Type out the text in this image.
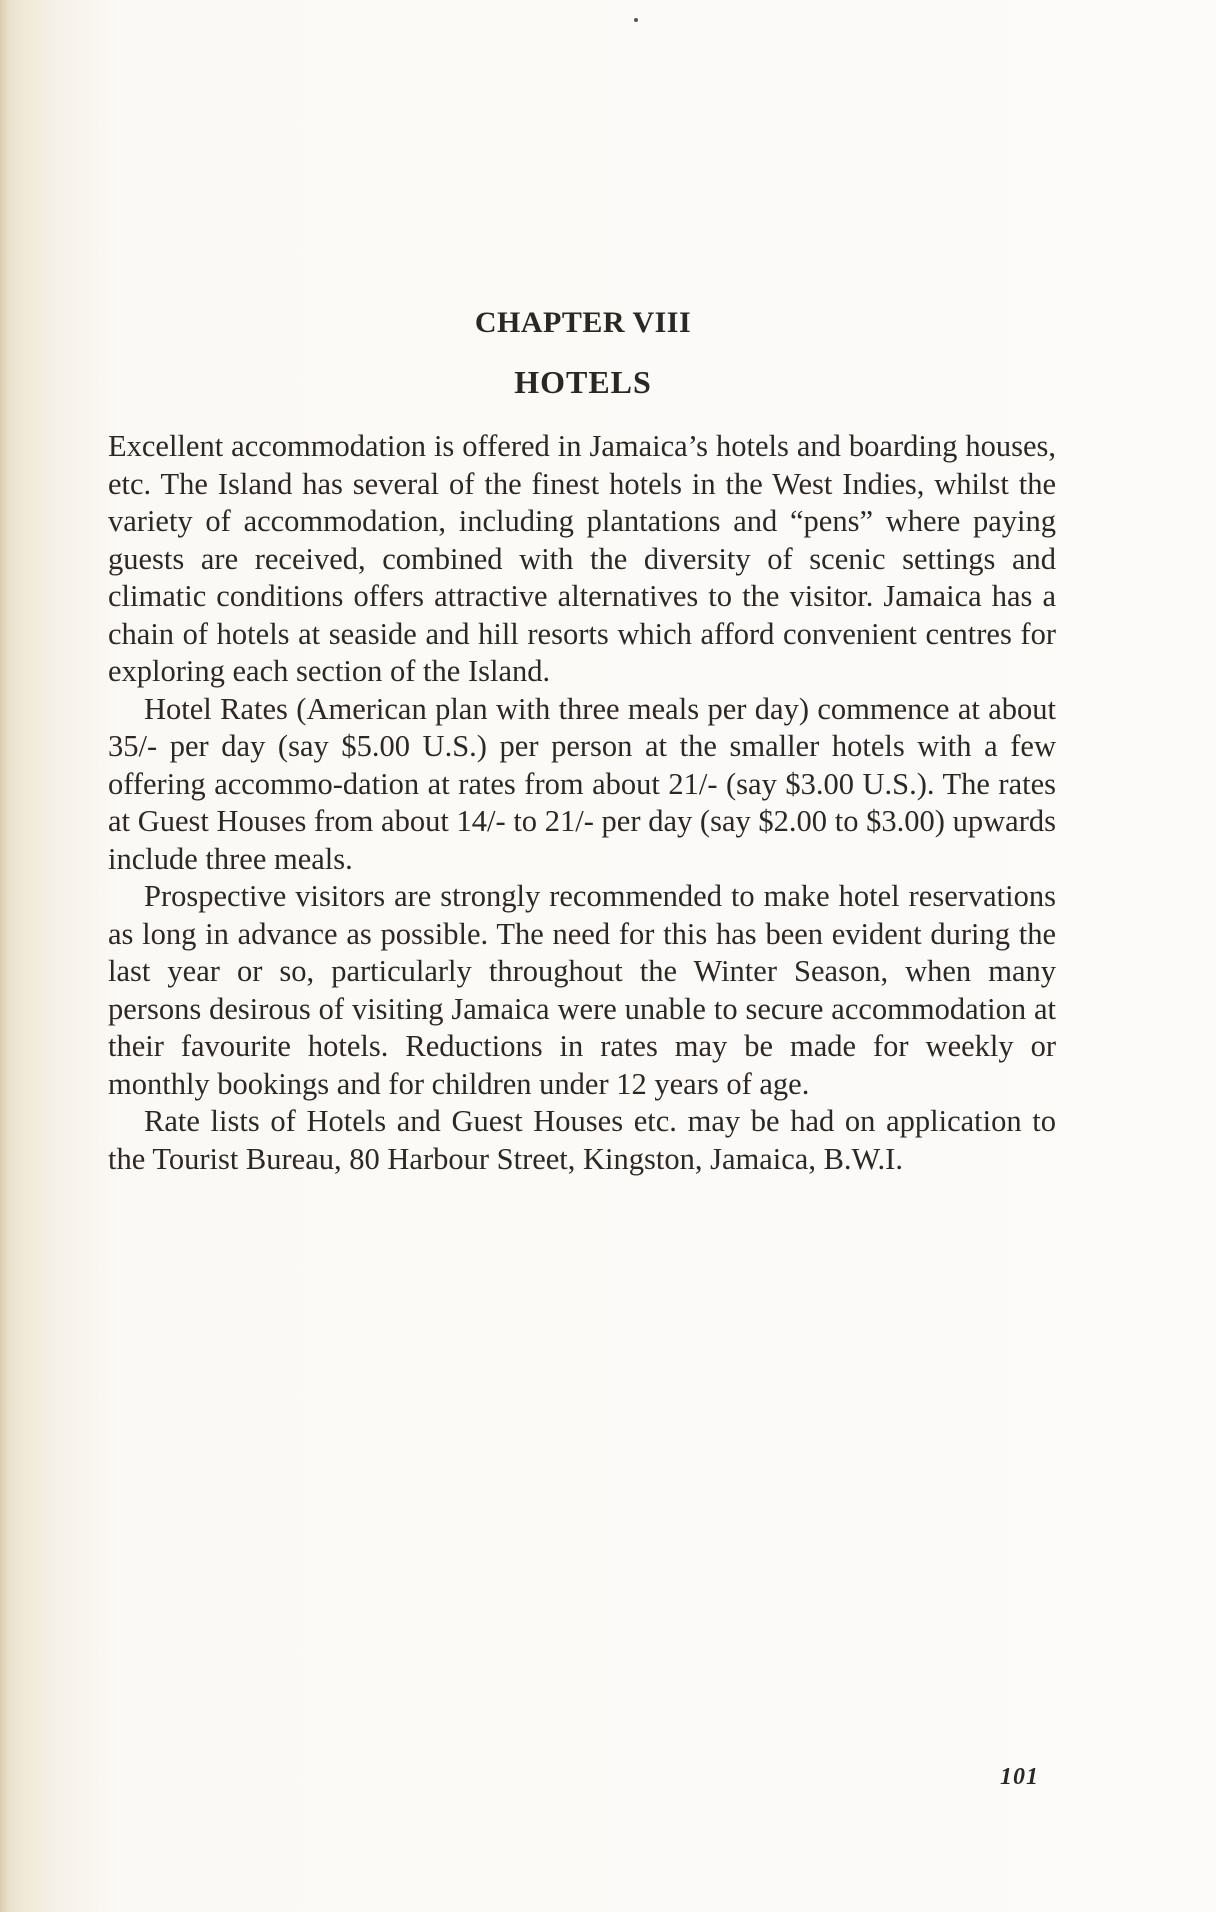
CHAPTER VIII
HOTELS

Excellent accommodation is offered in Jamaica’s hotels and boarding houses, etc. The Island has several of the finest hotels in the West Indies, whilst the variety of accommodation, including plantations and “pens” where paying guests are received, combined with the diversity of scenic settings and climatic conditions offers attractive alternatives to the visitor. Jamaica has a chain of hotels at seaside and hill resorts which afford convenient centres for exploring each section of the Island.

Hotel Rates (American plan with three meals per day) commence at about 35/- per day (say $5.00 U.S.) per person at the smaller hotels with a few offering accommo-dation at rates from about 21/- (say $3.00 U.S.). The rates at Guest Houses from about 14/- to 21/- per day (say $2.00 to $3.00) upwards include three meals.

Prospective visitors are strongly recommended to make hotel reservations as long in advance as possible. The need for this has been evident during the last year or so, particularly throughout the Winter Season, when many persons desirous of visiting Jamaica were unable to secure accommodation at their favourite hotels. Reductions in rates may be made for weekly or monthly bookings and for children under 12 years of age.

Rate lists of Hotels and Guest Houses etc. may be had on application to the Tourist Bureau, 80 Harbour Street, Kingston, Jamaica, B.W.I.

101
